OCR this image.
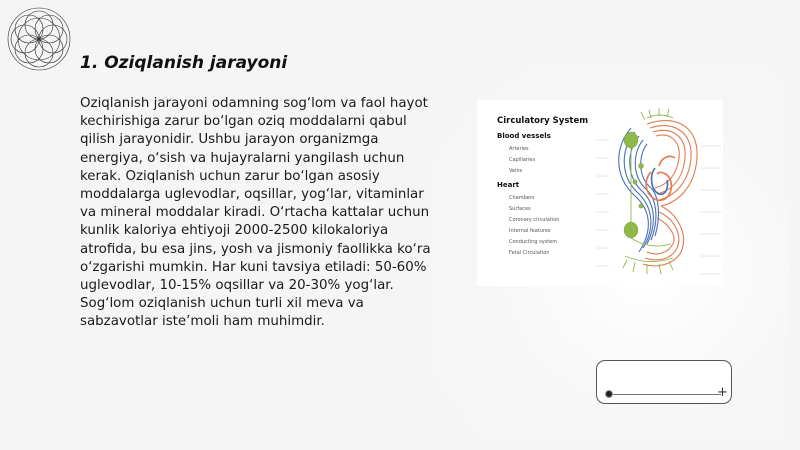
1. Oziqlanish jarayoni

Oziqlanish jarayoni odamning sog‘lom va faol hayot kechirishiga zarur bo‘lgan oziq moddalarni qabul qilish jarayonidir. Ushbu jarayon organizmga energiya, o‘sish va hujayralarni yangilash uchun kerak. Oziqlanish uchun zarur bo‘lgan asosiy moddalarga uglevodlar, oqsillar, yog‘lar, vitaminlar va mineral moddalar kiradi. O‘rtacha kattalar uchun kunlik kaloriya ehtiyoji 2000-2500 kilokaloriya atrofida, bu esa jins, yosh va jismoniy faollikka ko‘ra o‘zgarishi mumkin. Har kuni tavsiya etiladi: 50-60% uglevodlar, 10-15% oqsillar va 20-30% yog‘lar. Sog‘lom oziqlanish uchun turli xil meva va sabzavotlar iste’moli ham muhimdir.

Circulatory System
Blood vessels
Arteries
Capillaries
Veins
Heart
Chambers
Surfaces
Coronary circulation
Internal features
Conducting system
Fetal Circulation
+
